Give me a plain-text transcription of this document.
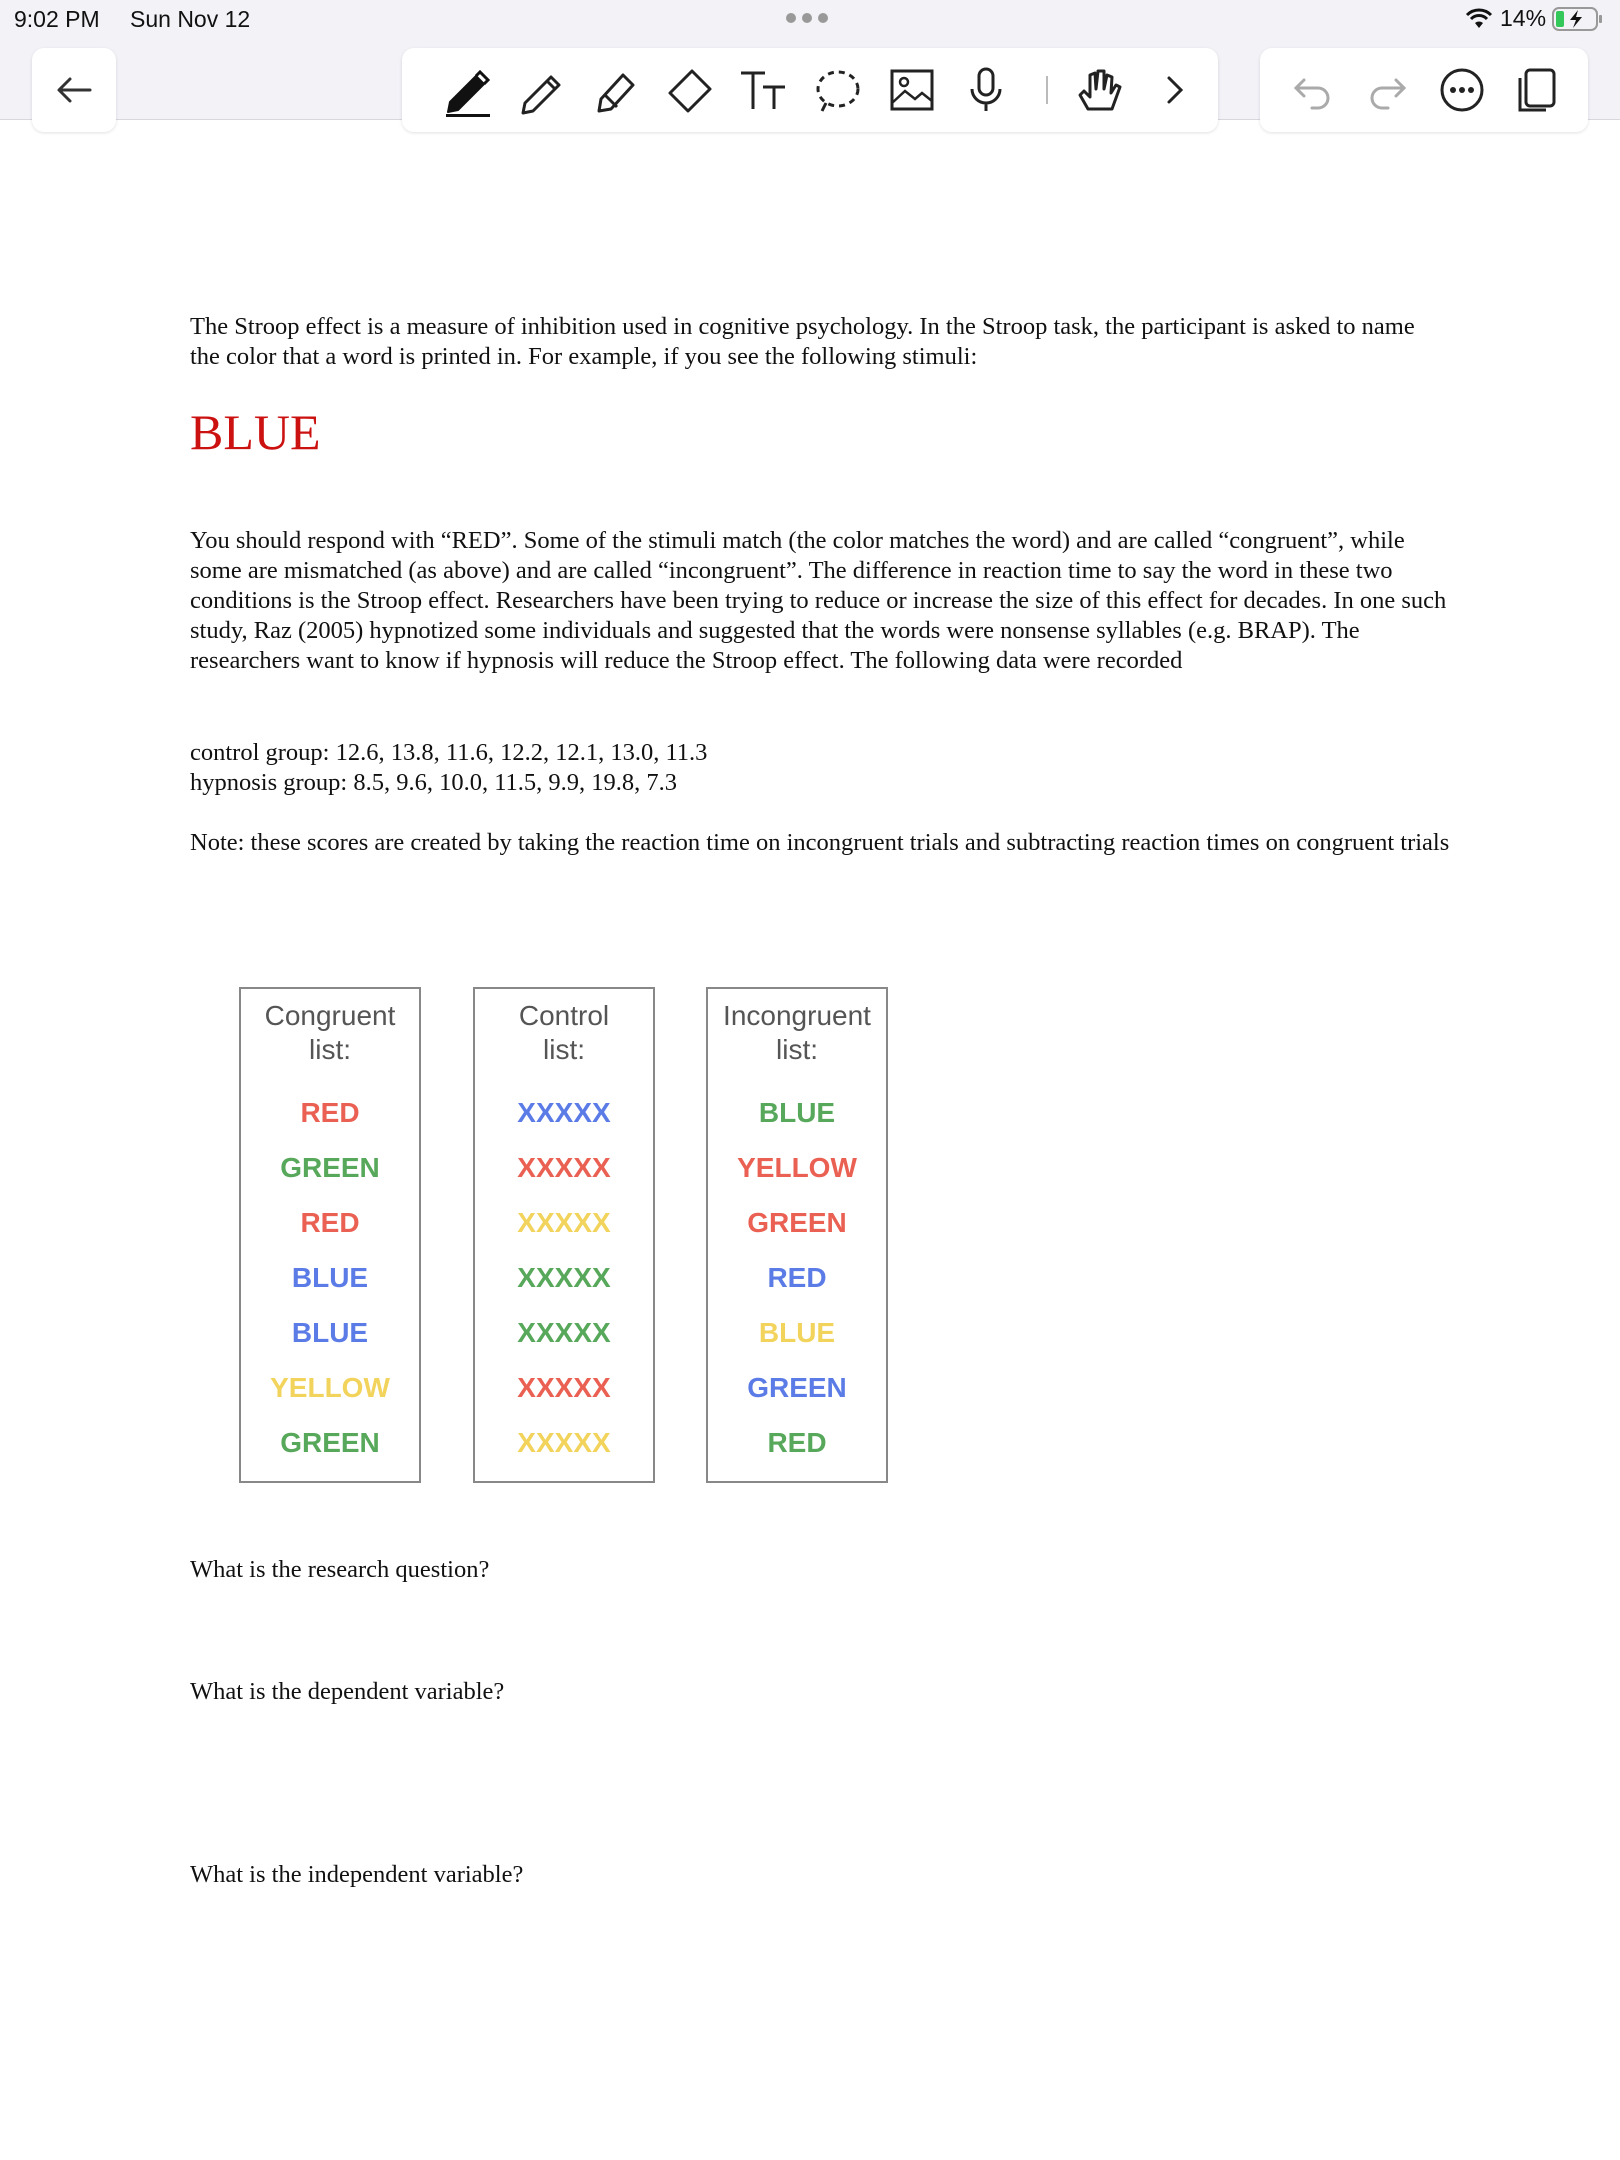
9:02 PM Sun Nov 12	14%

The Stroop effect is a measure of inhibition used in cognitive psychology. In the Stroop task, the participant is asked to name the color that a word is printed in. For example, if you see the following stimuli:

BLUE

You should respond with “RED”. Some of the stimuli match (the color matches the word) and are called “congruent”, while some are mismatched (as above) and are called “incongruent”. The difference in reaction time to say the word in these two conditions is the Stroop effect. Researchers have been trying to reduce or increase the size of this effect for decades. In one such study, Raz (2005) hypnotized some individuals and suggested that the words were nonsense syllables (e.g. BRAP). The researchers want to know if hypnosis will reduce the Stroop effect. The following data were recorded

control group: 12.6, 13.8, 11.6, 12.2, 12.1, 13.0, 11.3

hypnosis group: 8.5, 9.6, 10.0, 11.5, 9.9, 19.8, 7.3

Note: these scores are created by taking the reaction time on incongruent trials and subtracting reaction times on congruent trials

Congruent
list:
RED
GREEN
RED
BLUE
BLUE
YELLOW
GREEN
Control
list:
XXXXX
XXXXX
XXXXX
XXXXX
XXXXX
XXXXX
XXXXX
Incongruent
list:
BLUE
YELLOW
GREEN
RED
BLUE
GREEN
RED
What is the research question?
What is the dependent variable?
What is the independent variable?
